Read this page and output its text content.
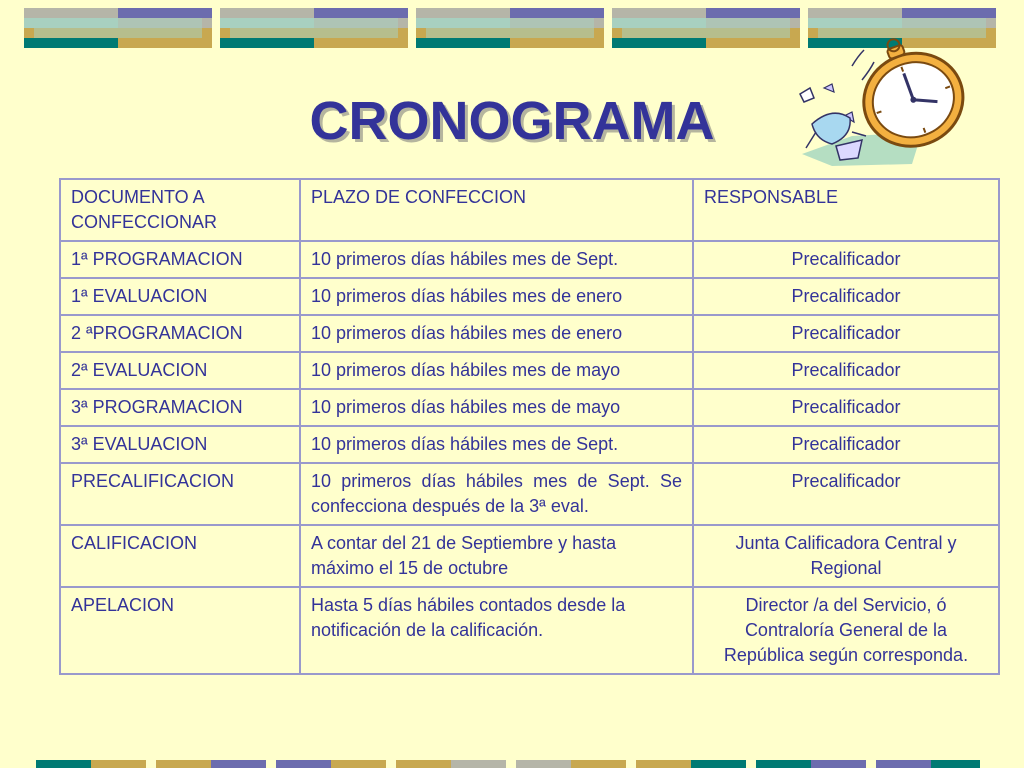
CRONOGRAMA
DOCUMENTO A CONFECCIONAR	PLAZO DE CONFECCION	RESPONSABLE
1ª PROGRAMACION	10 primeros días hábiles mes de Sept.	Precalificador
1ª EVALUACION	10 primeros días hábiles mes de enero	Precalificador
2 ªPROGRAMACION	10 primeros días hábiles mes de enero	Precalificador
2ª EVALUACION	10 primeros días hábiles mes de mayo	Precalificador
3ª PROGRAMACION	10 primeros días hábiles mes de mayo	Precalificador
3ª EVALUACION	10 primeros días hábiles mes de Sept.	Precalificador
PRECALIFICACION	10 primeros días hábiles mes de Sept. Se confecciona después de la 3ª eval.	Precalificador
CALIFICACION	A contar del 21 de Septiembre y hasta máximo el 15 de octubre	Junta Calificadora Central y Regional
APELACION	Hasta 5 días hábiles contados desde la notificación de la calificación.	Director /a del Servicio, ó Contraloría General de la República según corresponda.
